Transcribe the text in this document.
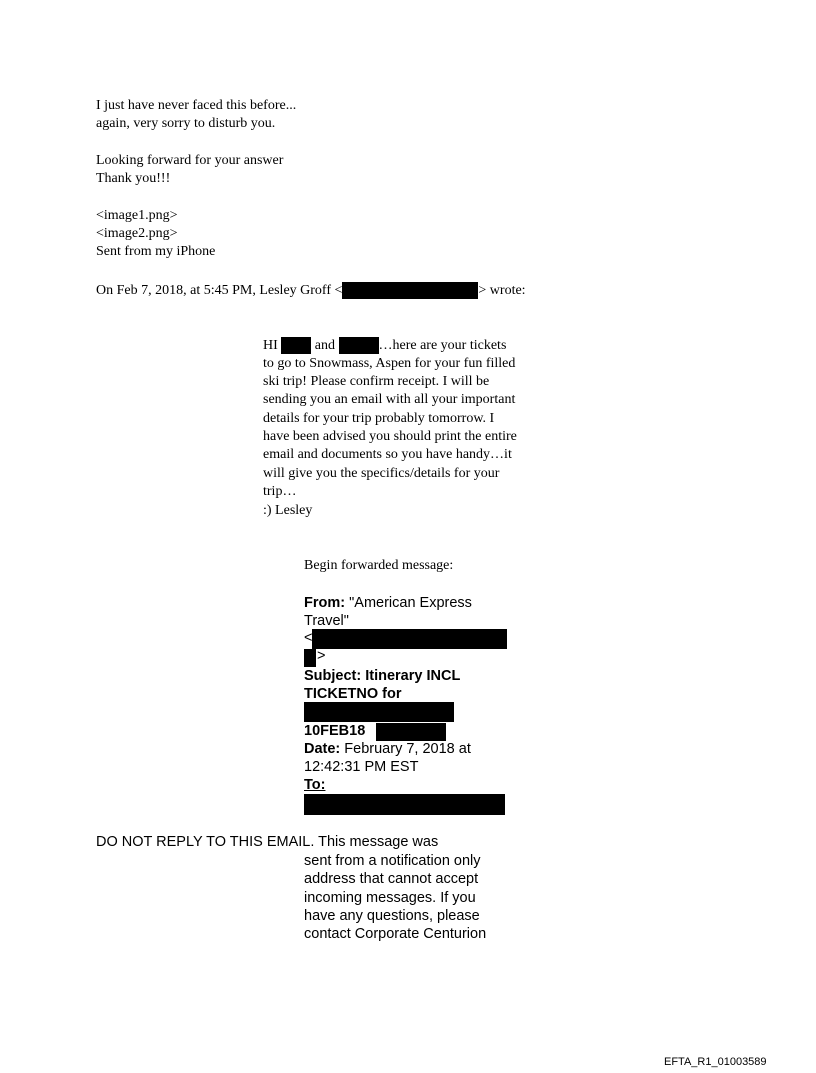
I just have never faced this before...
again, very sorry to disturb you.
Looking forward for your answer
Thank you!!!
<image1.png>
<image2.png>
Sent from my iPhone
On Feb 7, 2018, at 5:45 PM, Lesley Groff <	> wrote:
HI	and	…here are your tickets
to go to Snowmass, Aspen for your fun filled
ski trip! Please confirm receipt. I will be
sending you an email with all your important
details for your trip probably tomorrow. I
have been advised you should print the entire
email and documents so you have handy…it
will give you the specifics/details for your
trip…
:) Lesley
Begin forwarded message:
From: "American Express
Travel"
<
>
Subject: Itinerary INCL
TICKETNO for
10FEB18
Date: February 7, 2018 at
12:42:31 PM EST
To:
DO NOT REPLY TO THIS EMAIL. This message was
sent from a notification only
address that cannot accept
incoming messages. If you
have any questions, please
contact Corporate Centurion
EFTA_R1_01003589
